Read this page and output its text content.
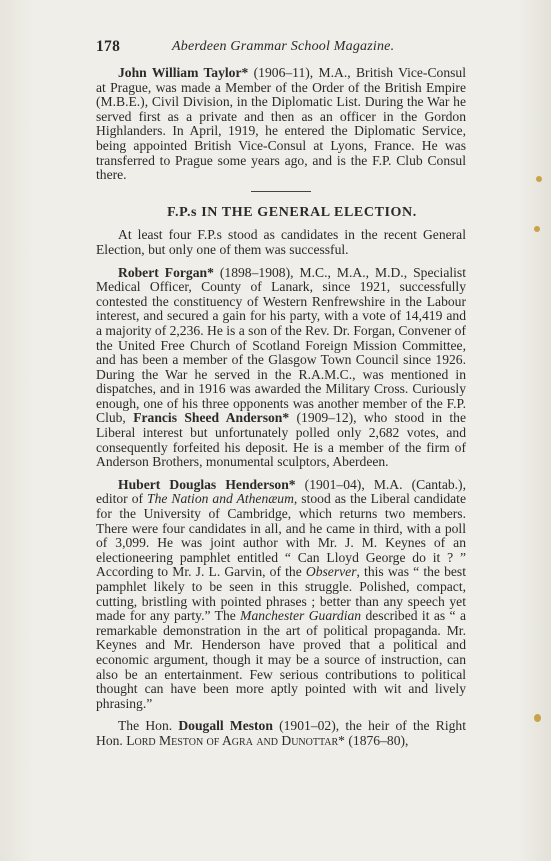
178	Aberdeen Grammar School Magazine.

John William Taylor* (1906–11), M.A., British Vice-Consul at Prague, was made a Member of the Order of the British Empire (M.B.E.), Civil Division, in the Diplomatic List. During the War he served first as a private and then as an officer in the Gordon Highlanders. In April, 1919, he entered the Diplomatic Service, being appointed British Vice-Consul at Lyons, France. He was transferred to Prague some years ago, and is the F.P. Club Consul there.

F.P.s IN THE GENERAL ELECTION.

At least four F.P.s stood as candidates in the recent General Election, but only one of them was successful.

Robert Forgan* (1898–1908), M.C., M.A., M.D., Specialist Medical Officer, County of Lanark, since 1921, successfully contested the constituency of Western Renfrewshire in the Labour interest, and secured a gain for his party, with a vote of 14,419 and a majority of 2,236. He is a son of the Rev. Dr. Forgan, Convener of the United Free Church of Scotland Foreign Mission Committee, and has been a member of the Glasgow Town Council since 1926. During the War he served in the R.A.M.C., was mentioned in dispatches, and in 1916 was awarded the Military Cross. Curiously enough, one of his three opponents was another member of the F.P. Club, Francis Sheed Anderson* (1909–12), who stood in the Liberal interest but unfortunately polled only 2,682 votes, and consequently forfeited his deposit. He is a member of the firm of Anderson Brothers, monumental sculptors, Aberdeen.

Hubert Douglas Henderson* (1901–04), M.A. (Cantab.), editor of The Nation and Athenæum, stood as the Liberal candidate for the University of Cambridge, which returns two members. There were four candidates in all, and he came in third, with a poll of 3,099. He was joint author with Mr. J. M. Keynes of an electioneering pamphlet entitled “ Can Lloyd George do it ? ” According to Mr. J. L. Garvin, of the Observer, this was “ the best pamphlet likely to be seen in this struggle. Polished, compact, cutting, bristling with pointed phrases ; better than any speech yet made for any party.” The Manchester Guardian described it as “ a remarkable demonstration in the art of political propaganda. Mr. Keynes and Mr. Henderson have proved that a political and economic argument, though it may be a source of instruction, can also be an entertainment. Few serious contributions to political thought can have been more aptly pointed with wit and lively phrasing.”

The Hon. Dougall Meston (1901–02), the heir of the Right Hon. Lord Meston of Agra and Dunottar* (1876–80),
